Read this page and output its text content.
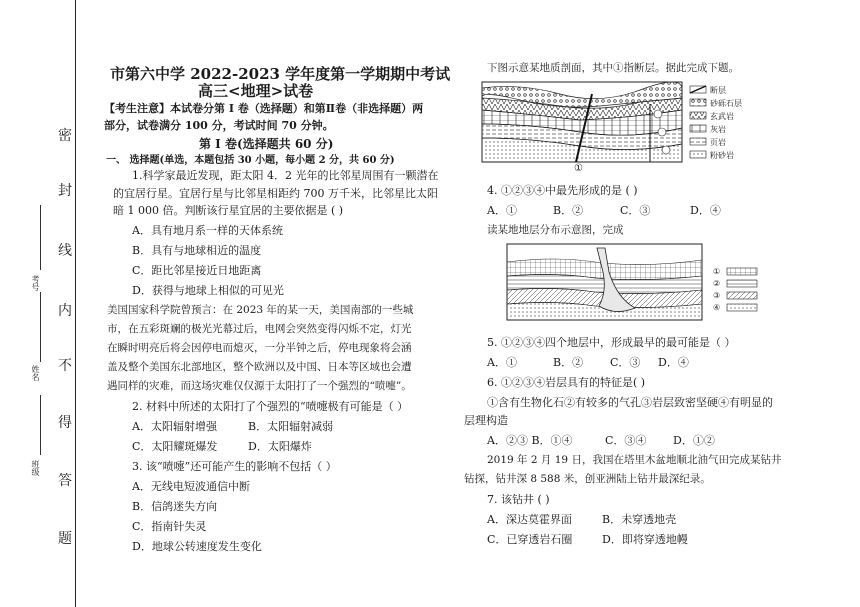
密
封
线
内
不
得
答
题
考号
姓名
班级
市第六中学 2022-2023 学年度第一学期期中考试
高三<地理>试卷
【考生注意】本试卷分第 I 卷（选择题）和第Ⅱ卷（非选择题）两
部分，试卷满分 100 分，考试时间 70 分钟。
第 I 卷(选择题共 60 分)
一、 选择题(单选，本题包括 30 小题，每小题 2 分，共 60 分)
1.科学家最近发现，距太阳 4．2 光年的比邻星周围有一颗潜在
的宜居行星。宜居行星与比邻星相距约 700 万千米，比邻星比太阳
暗 1 000 倍。判断该行星宜居的主要依据是 ( )
A．具有地月系一样的天体系统
B．具有与地球相近的温度
C．距比邻星接近日地距离
D．获得与地球上相似的可见光
美国国家科学院曾预言：在 2023 年的某一天，美国南部的一些城
市，在五彩斑斓的极光光幕过后，电网会突然变得闪烁不定，灯光
在瞬时明亮后将会因停电而熄灭，一分半钟之后，停电现象将会涵
盖及整个美国东北部地区，整个欧洲以及中国、日本等区域也会遭
遇同样的灾难，而这场灾难仅仅源于太阳打了一个强烈的“喷嚏”。
2. 材料中所述的太阳打了个强烈的“喷嚏极有可能是（ ）
A．太阳辐射增强	B．太阳辐射减弱
C．太阳耀斑爆发	D．太阳爆炸
3. 该“喷嚏”还可能产生的影响不包括（ ）
A．无线电短波通信中断
B．信鸽迷失方向
C．指南针失灵
D．地球公转速度发生变化
下图示意某地质剖面，其中①指断层。据此完成下题。
断层
砂砾石层
玄武岩
灰岩
页岩
粉砂岩
①
4. ①②③④中最先形成的是 ( )
A．①	B．②	C．③	D．④
读某地地层分布示意图，完成
①
②
③
④
5. ①②③④四个地层中，形成最早的最可能是（ ）
A．①	B．② C．③ D．④
6. ①②③④岩层具有的特征是( )
①含有生物化石②有较多的气孔③岩层致密坚硬④有明显的
层理构造
A．②③ B．①④	C．③④ D．①②
2019 年 2 月 19 日，我国在塔里木盆地顺北油气田完成某钻井
钻探，钻井深 8 588 米，创亚洲陆上钻井最深纪录。
7. 该钻井 ( )
A．深达莫霍界面	B．未穿透地壳
C．已穿透岩石圈	D．即将穿透地幔
